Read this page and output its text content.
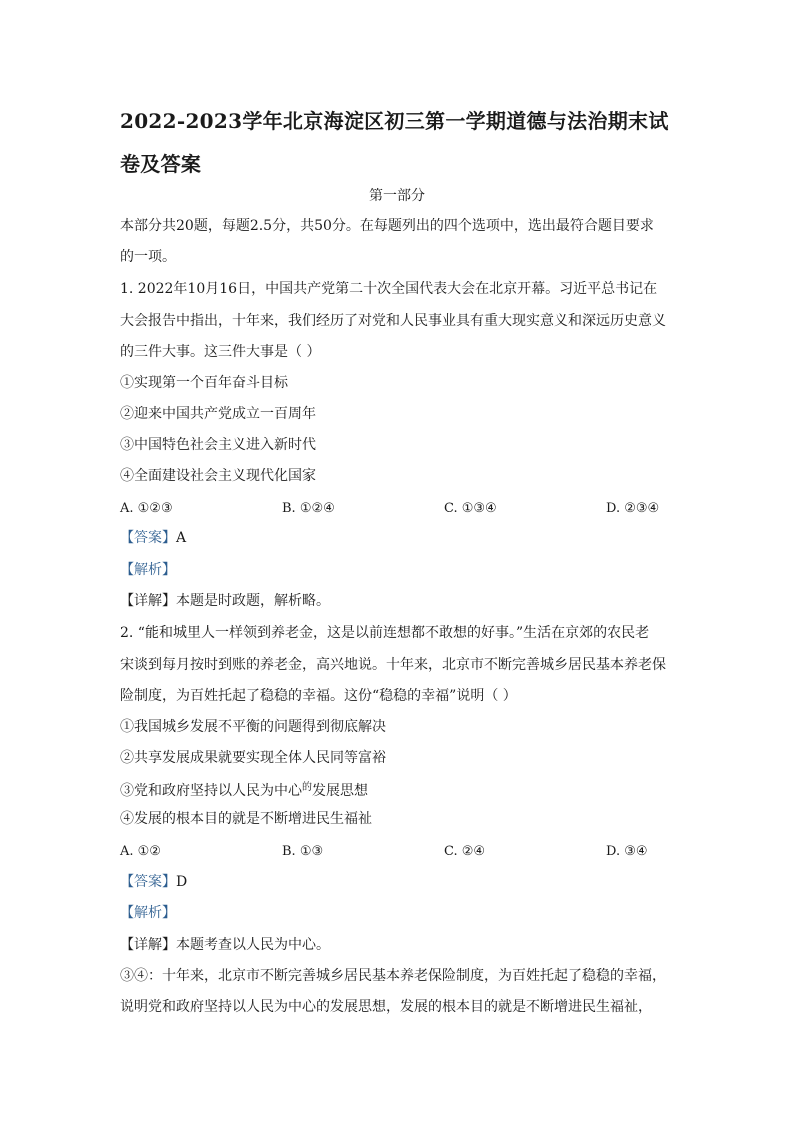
2022-2023学年北京海淀区初三第一学期道德与法治期末试
卷及答案
第一部分
本部分共20题，每题2.5分，共50分。在每题列出的四个选项中，选出最符合题目要求
的一项。
1. 2022年10月16日，中国共产党第二十次全国代表大会在北京开幕。习近平总书记在
大会报告中指出，十年来，我们经历了对党和人民事业具有重大现实意义和深远历史意义
的三件大事。这三件大事是（ ）
①实现第一个百年奋斗目标
②迎来中国共产党成立一百周年
③中国特色社会主义进入新时代
④全面建设社会主义现代化国家
A. ①②③	B. ①②④	C. ①③④	D. ②③④
【答案】A
【解析】
【详解】本题是时政题，解析略。
2. “能和城里人一样领到养老金，这是以前连想都不敢想的好事。”生活在京郊的农民老
宋谈到每月按时到账的养老金，高兴地说。十年来，北京市不断完善城乡居民基本养老保
险制度，为百姓托起了稳稳的幸福。这份“稳稳的幸福”说明（ ）
①我国城乡发展不平衡的问题得到彻底解决
②共享发展成果就要实现全体人民同等富裕
③党和政府坚持以人民为中心$^的$发展思想
④发展的根本目的就是不断增进民生福祉
A. ①②	B. ①③	C. ②④	D. ③④
【答案】D
【解析】
【详解】本题考查以人民为中心。
③④：十年来，北京市不断完善城乡居民基本养老保险制度，为百姓托起了稳稳的幸福，
说明党和政府坚持以人民为中心的发展思想，发展的根本目的就是不断增进民生福祉，
